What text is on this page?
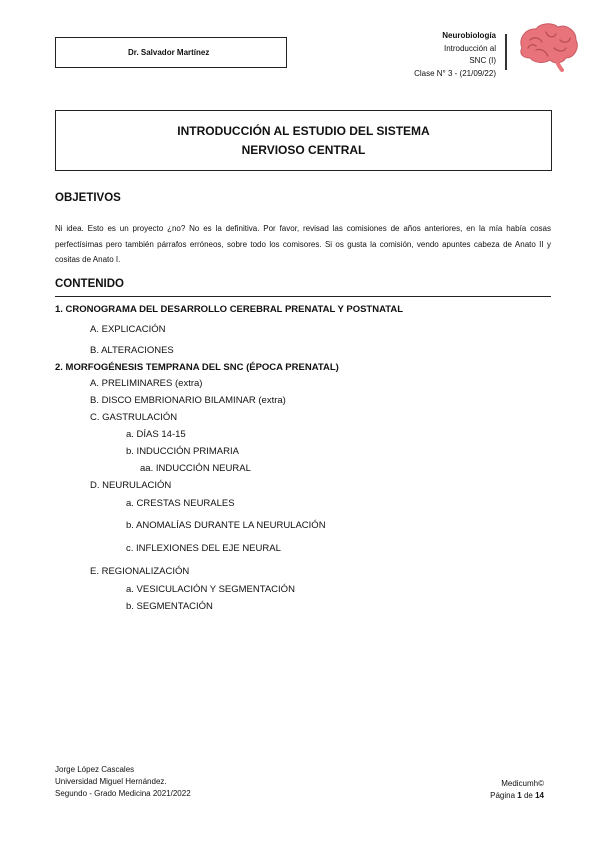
Dr. Salvador Martínez
Neurobiología
Introducción al
SNC (I)
Clase N° 3 - (21/09/22)
INTRODUCCIÓN AL ESTUDIO DEL SISTEMA
NERVIOSO CENTRAL
OBJETIVOS
Ni idea. Esto es un proyecto ¿no? No es la definitiva. Por favor, revisad las comisiones de años anteriores, en la mía había cosas perfectísimas pero también párrafos erróneos, sobre todo los comisores. Si os gusta la comisión, vendo apuntes cabeza de Anato II y cositas de Anato I.
CONTENIDO
1. CRONOGRAMA DEL DESARROLLO CEREBRAL PRENATAL Y POSTNATAL
A. EXPLICACIÓN
B. ALTERACIONES
2. MORFOGÉNESIS TEMPRANA DEL SNC (ÉPOCA PRENATAL)
A. PRELIMINARES (extra)
B. DISCO EMBRIONARIO BILAMINAR (extra)
C. GASTRULACIÓN
a. DÍAS 14-15
b. INDUCCIÓN PRIMARIA
aa. INDUCCIÓN NEURAL
D. NEURULACIÓN
a. CRESTAS NEURALES
b. ANOMALÍAS DURANTE LA NEURULACIÓN
c. INFLEXIONES DEL EJE NEURAL
E. REGIONALIZACIÓN
a. VESICULACIÓN Y SEGMENTACIÓN
b. SEGMENTACIÓN
Jorge López Cascales
Universidad Miguel Hernández.
Segundo - Grado Medicina 2021/2022
Medicumh©
Página 1 de 14
